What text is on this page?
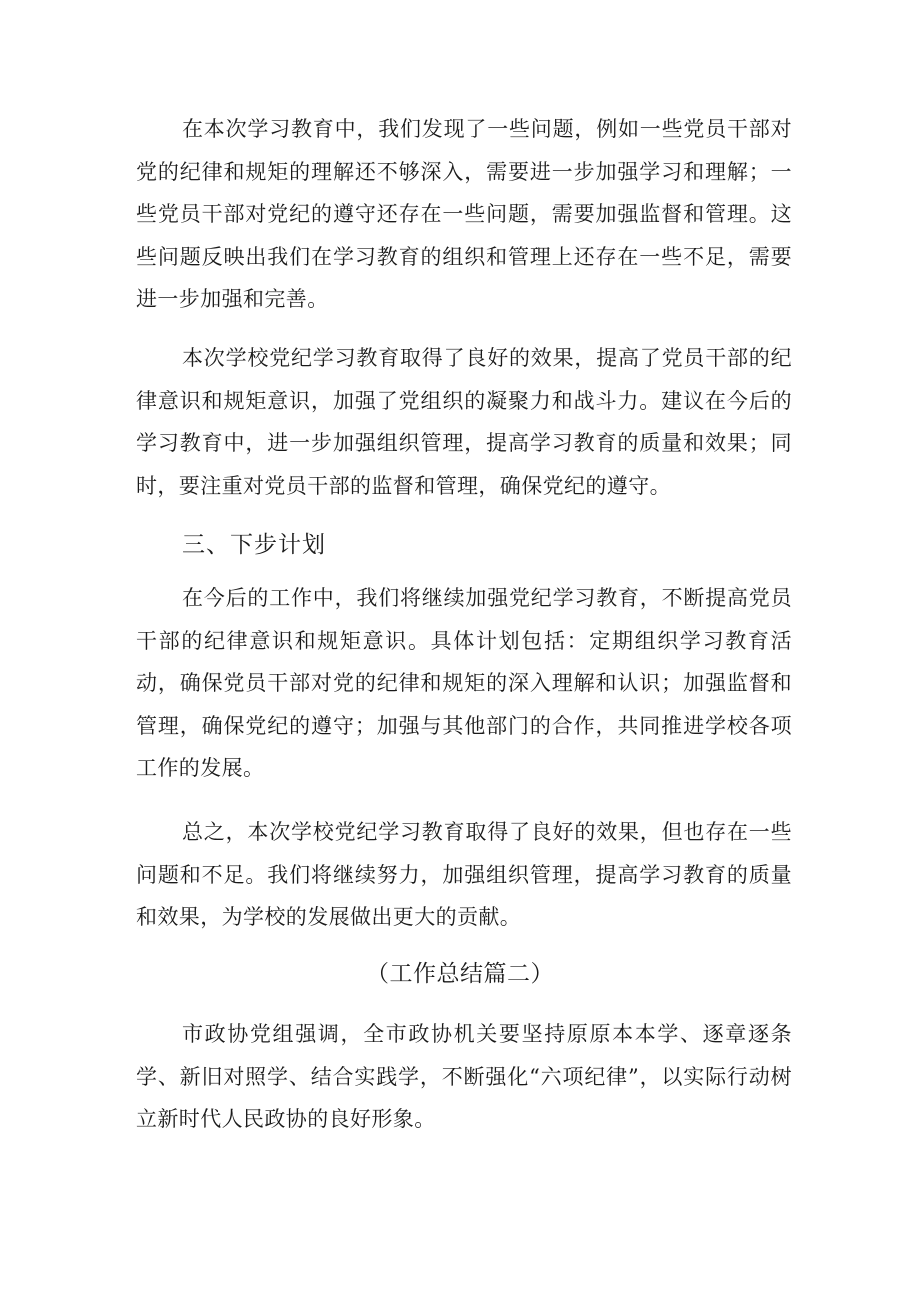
在本次学习教育中，我们发现了一些问题，例如一些党员干部对党的纪律和规矩的理解还不够深入，需要进一步加强学习和理解；一些党员干部对党纪的遵守还存在一些问题，需要加强监督和管理。这些问题反映出我们在学习教育的组织和管理上还存在一些不足，需要进一步加强和完善。

本次学校党纪学习教育取得了良好的效果，提高了党员干部的纪律意识和规矩意识，加强了党组织的凝聚力和战斗力。建议在今后的学习教育中，进一步加强组织管理，提高学习教育的质量和效果；同时，要注重对党员干部的监督和管理，确保党纪的遵守。

三、下步计划

在今后的工作中，我们将继续加强党纪学习教育，不断提高党员干部的纪律意识和规矩意识。具体计划包括：定期组织学习教育活动，确保党员干部对党的纪律和规矩的深入理解和认识；加强监督和管理，确保党纪的遵守；加强与其他部门的合作，共同推进学校各项工作的发展。

总之，本次学校党纪学习教育取得了良好的效果，但也存在一些问题和不足。我们将继续努力，加强组织管理，提高学习教育的质量和效果，为学校的发展做出更大的贡献。

（工作总结篇二）

市政协党组强调，全市政协机关要坚持原原本本学、逐章逐条学、新旧对照学、结合实践学，不断强化“六项纪律”，以实际行动树立新时代人民政协的良好形象。
